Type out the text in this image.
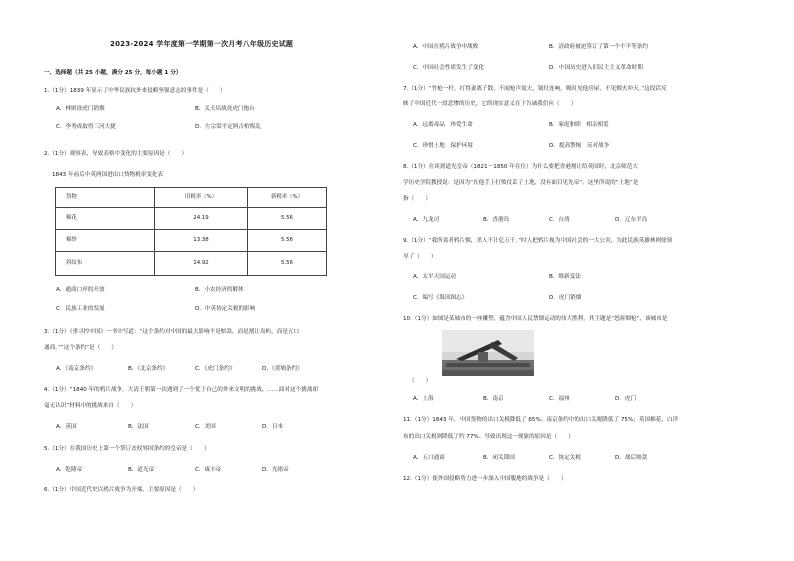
2023-2024 学年度第一学期第一次月考八年级历史试题
一、选择题（共 25 小题，满分 25 分，每小题 1 分）
1.（1分）1839 年显示了中华民族抗外来侵略坚强意志的事件是（　　）
A．林则徐虎门销烟	B．关天培战死虎门炮台
C．李秀成取得三河大捷	D．左宗棠平定阿古柏叛乱
2.（1分）观察表，导致表格中变化的主要原因是（　　）
1843 年前后中英两国进出口货物税率变化表
货物	旧税率（%）	新税率（%）
棉花	24.19	5.56
棉纱	13.38	5.56
斜纹布	14.92	5.56
A．通商口岸的开放	B．小农经济的解体
C．民族工业的发展	D．中英协定关税的影响
3.（1分）《重寻控中国》一书中写道：“这个条约对中国的最大影响不是赔款，而是割让岛屿，而是五口
通商。”“这个条约”是（　　）
A．《南京条约》	B．《北京条约》	C．《虎门条约》	D．《黄埔条约》
4.（1分）“1840 年的鸦片战争，大清王朝第一次遇到了一个优于自己的外来文明的挑战，……面对这个挑战却
毫无认识”材料中的挑战来自（　　）
A．英国	B．法国	C．美国	D．日本
5.（1分）在我国历史上第一个签订丧权辱国条约的皇帝是（　　）
A．乾隆帝	B．道光帝	C．咸丰帝	D．光绪帝
6.（1分）中国近代史以鸦片战争为开端，主要原因是（　　）
A．中国在鸦片战争中战败	B．清政府被迫签订了第一个不平等条约
C．中国社会性质发生了变化	D．中国历史进入旧民主主义革命时期
7.（1分）“竹枪一杆，打得妻离子散，不闻枪声震天，锅灶连响，吸时见他房屋，不见烟火冲天。”这段话反
映了中国近代一段悲惨的历史，它的现实意义在于告诫我们应（　　）
A．远离毒品　珍爱生命	B．家庭和睦　相亲相爱
C．珍惜土地　保护环境	D．提高警惕　反对战争
8.（1分）在谈到道光皇帝（1821－1850 年在位）为什么要把香港割让给英国时，北京师范大
学历史学院教授说：是因为“在他手上打败仗丢了土地，没有面目见先帝”。这里所说的“土地”是
指（　　）
A．九龙司	B．香港岛	C．台湾	D．辽东半岛
9.（1分）“我所畏者鸦片烟，杀人不计亿万千。”时人把鸦片视为中国社会的一大公害，为此民族英雄林则徐领
导了（　　）
A．太平天国运动	B．维新变法
C．编写《海国图志》	D．虎门销烟
10.（1分）如图是某城市的一座雕塑，蕴含中国人民禁烟运动的伟大胜利，其主题是“怒拆烟枪”，该城市是
（　　）
A．上海	B．南京	C．福州	D．虎门
11.（1分）1843 年，中国货物的出口关税降低了 65%；南京条约中的出口关税降低了 75%；英国棉花、白洋
布的出口关税则降低了约 77%。导致出现这一现象的原因是（　　）
A．五口通商	B．闭关锁国	C．协定关税	D．战后赔款
12.（1分）使外国侵略势力进一步深入中国腹地的战争是（　　）
